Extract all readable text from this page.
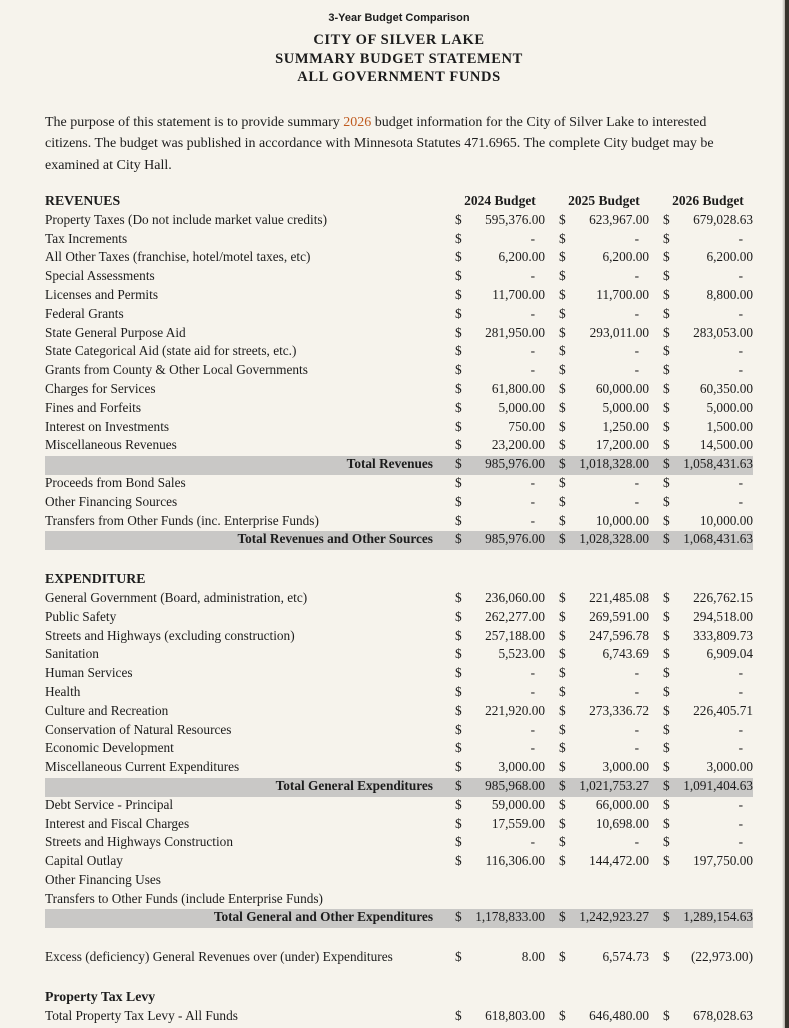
3-Year Budget Comparison
CITY OF SILVER LAKE
SUMMARY BUDGET STATEMENT
ALL GOVERNMENT FUNDS

The purpose of this statement is to provide summary 2026 budget information for the City of Silver Lake to interested citizens. The budget was published in accordance with Minnesota Statutes 471.6965. The complete City budget may be examined at City Hall.

REVENUES	2024 Budget	2025 Budget	2026 Budget
Property Taxes (Do not include market value credits)	$ 595,376.00 $ 623,967.00 $ 679,028.63
Tax Increments	$	-	$	-	$	-
All Other Taxes (franchise, hotel/motel taxes, etc)	$	6,200.00 $	6,200.00 $	6,200.00
Special Assessments	$	-	$	-	$	-
Licenses and Permits	$ 11,700.00 $ 11,700.00 $	8,800.00
Federal Grants	$	-	$	-	$	-
State General Purpose Aid	$ 281,950.00 $ 293,011.00 $ 283,053.00
State Categorical Aid (state aid for streets, etc.)	$	-	$	-	$	-
Grants from County & Other Local Governments	$	-	$	-	$	-
Charges for Services	$ 61,800.00 $ 60,000.00 $ 60,350.00
Fines and Forfeits	$	5,000.00 $	5,000.00 $	5,000.00
Interest on Investments	$	750.00 $	1,250.00 $	1,500.00
Miscellaneous Revenues	$ 23,200.00 $ 17,200.00 $ 14,500.00
Total Revenues	$ 985,976.00 $ 1,018,328.00 $ 1,058,431.63
Proceeds from Bond Sales	$	-	$	-	$	-
Other Financing Sources	$	-	$	-	$	-
Transfers from Other Funds (inc. Enterprise Funds)	$	-	$ 10,000.00 $ 10,000.00
Total Revenues and Other Sources	$ 985,976.00 $ 1,028,328.00 $ 1,068,431.63
EXPENDITURE
General Government (Board, administration, etc)	$ 236,060.00 $ 221,485.08 $ 226,762.15
Public Safety	$ 262,277.00 $ 269,591.00 $ 294,518.00
Streets and Highways (excluding construction)	$ 257,188.00 $ 247,596.78 $ 333,809.73
Sanitation	$	5,523.00 $	6,743.69 $	6,909.04
Human Services	$	-	$	-	$	-
Health	$	-	$	-	$	-
Culture and Recreation	$ 221,920.00 $ 273,336.72 $ 226,405.71
Conservation of Natural Resources	$	-	$	-	$	-
Economic Development	$	-	$	-	$	-
Miscellaneous Current Expenditures	$	3,000.00 $	3,000.00 $	3,000.00
Total General Expenditures	$ 985,968.00 $ 1,021,753.27 $ 1,091,404.63
Debt Service - Principal	$ 59,000.00 $ 66,000.00 $	-
Interest and Fiscal Charges	$ 17,559.00 $ 10,698.00 $	-
Streets and Highways Construction	$	-	$	-	$	-
Capital Outlay	$ 116,306.00 $ 144,472.00 $ 197,750.00
Other Financing Uses
Transfers to Other Funds (include Enterprise Funds)
Total General and Other Expenditures	$ 1,178,833.00 $ 1,242,923.27 $ 1,289,154.63
Excess (deficiency) General Revenues over (under) Expenditures	$	8.00 $	6,574.73 $ (22,973.00)
Property Tax Levy
Total Property Tax Levy - All Funds	$ 618,803.00 $ 646,480.00 $ 678,028.63
